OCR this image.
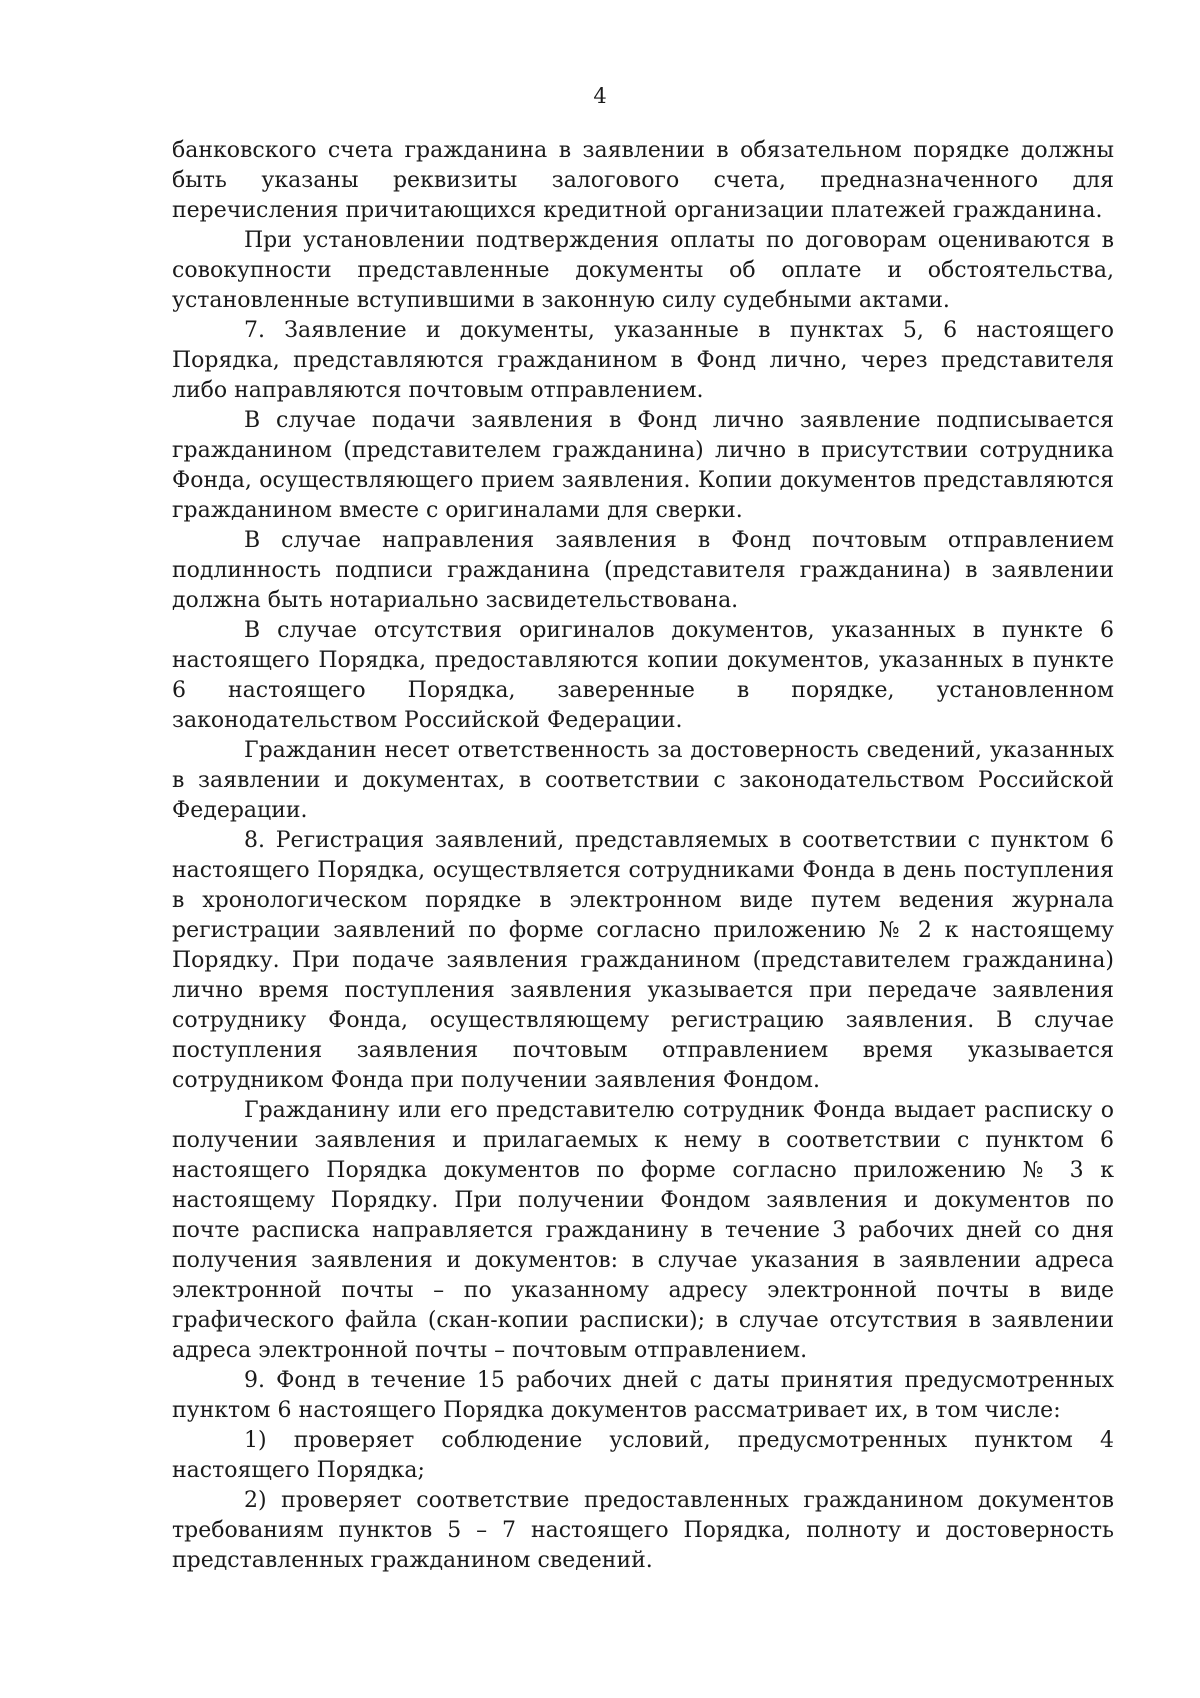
4

банковского счета гражданина в заявлении в обязательном порядке должны быть указаны реквизиты залогового счета, предназначенного для перечисления причитающихся кредитной организации платежей гражданина.

При установлении подтверждения оплаты по договорам оцениваются в совокупности представленные документы об оплате и обстоятельства, установленные вступившими в законную силу судебными актами.

7. Заявление и документы, указанные в пунктах 5, 6 настоящего Порядка, представляются гражданином в Фонд лично, через представителя либо направляются почтовым отправлением.

В случае подачи заявления в Фонд лично заявление подписывается гражданином (представителем гражданина) лично в присутствии сотрудника Фонда, осуществляющего прием заявления. Копии документов представляются гражданином вместе с оригиналами для сверки.

В случае направления заявления в Фонд почтовым отправлением подлинность подписи гражданина (представителя гражданина) в заявлении должна быть нотариально засвидетельствована.

В случае отсутствия оригиналов документов, указанных в пункте 6 настоящего Порядка, предоставляются копии документов, указанных в пункте 6 настоящего Порядка, заверенные в порядке, установленном законодательством Российской Федерации.

Гражданин несет ответственность за достоверность сведений, указанных в заявлении и документах, в соответствии с законодательством Российской Федерации.

8. Регистрация заявлений, представляемых в соответствии с пунктом 6 настоящего Порядка, осуществляется сотрудниками Фонда в день поступления в хронологическом порядке в электронном виде путем ведения журнала регистрации заявлений по форме согласно приложению № 2 к настоящему Порядку. При подаче заявления гражданином (представителем гражданина) лично время поступления заявления указывается при передаче заявления сотруднику Фонда, осуществляющему регистрацию заявления. В случае поступления заявления почтовым отправлением время указывается сотрудником Фонда при получении заявления Фондом.

Гражданину или его представителю сотрудник Фонда выдает расписку о получении заявления и прилагаемых к нему в соответствии с пунктом 6 настоящего Порядка документов по форме согласно приложению № 3 к настоящему Порядку. При получении Фондом заявления и документов по почте расписка направляется гражданину в течение 3 рабочих дней со дня получения заявления и документов: в случае указания в заявлении адреса электронной почты – по указанному адресу электронной почты в виде графического файла (скан-копии расписки); в случае отсутствия в заявлении адреса электронной почты – почтовым отправлением.

9. Фонд в течение 15 рабочих дней с даты принятия предусмотренных пунктом 6 настоящего Порядка документов рассматривает их, в том числе:

1) проверяет соблюдение условий, предусмотренных пунктом 4 настоящего Порядка;

2) проверяет соответствие предоставленных гражданином документов требованиям пунктов 5 – 7 настоящего Порядка, полноту и достоверность представленных гражданином сведений.
